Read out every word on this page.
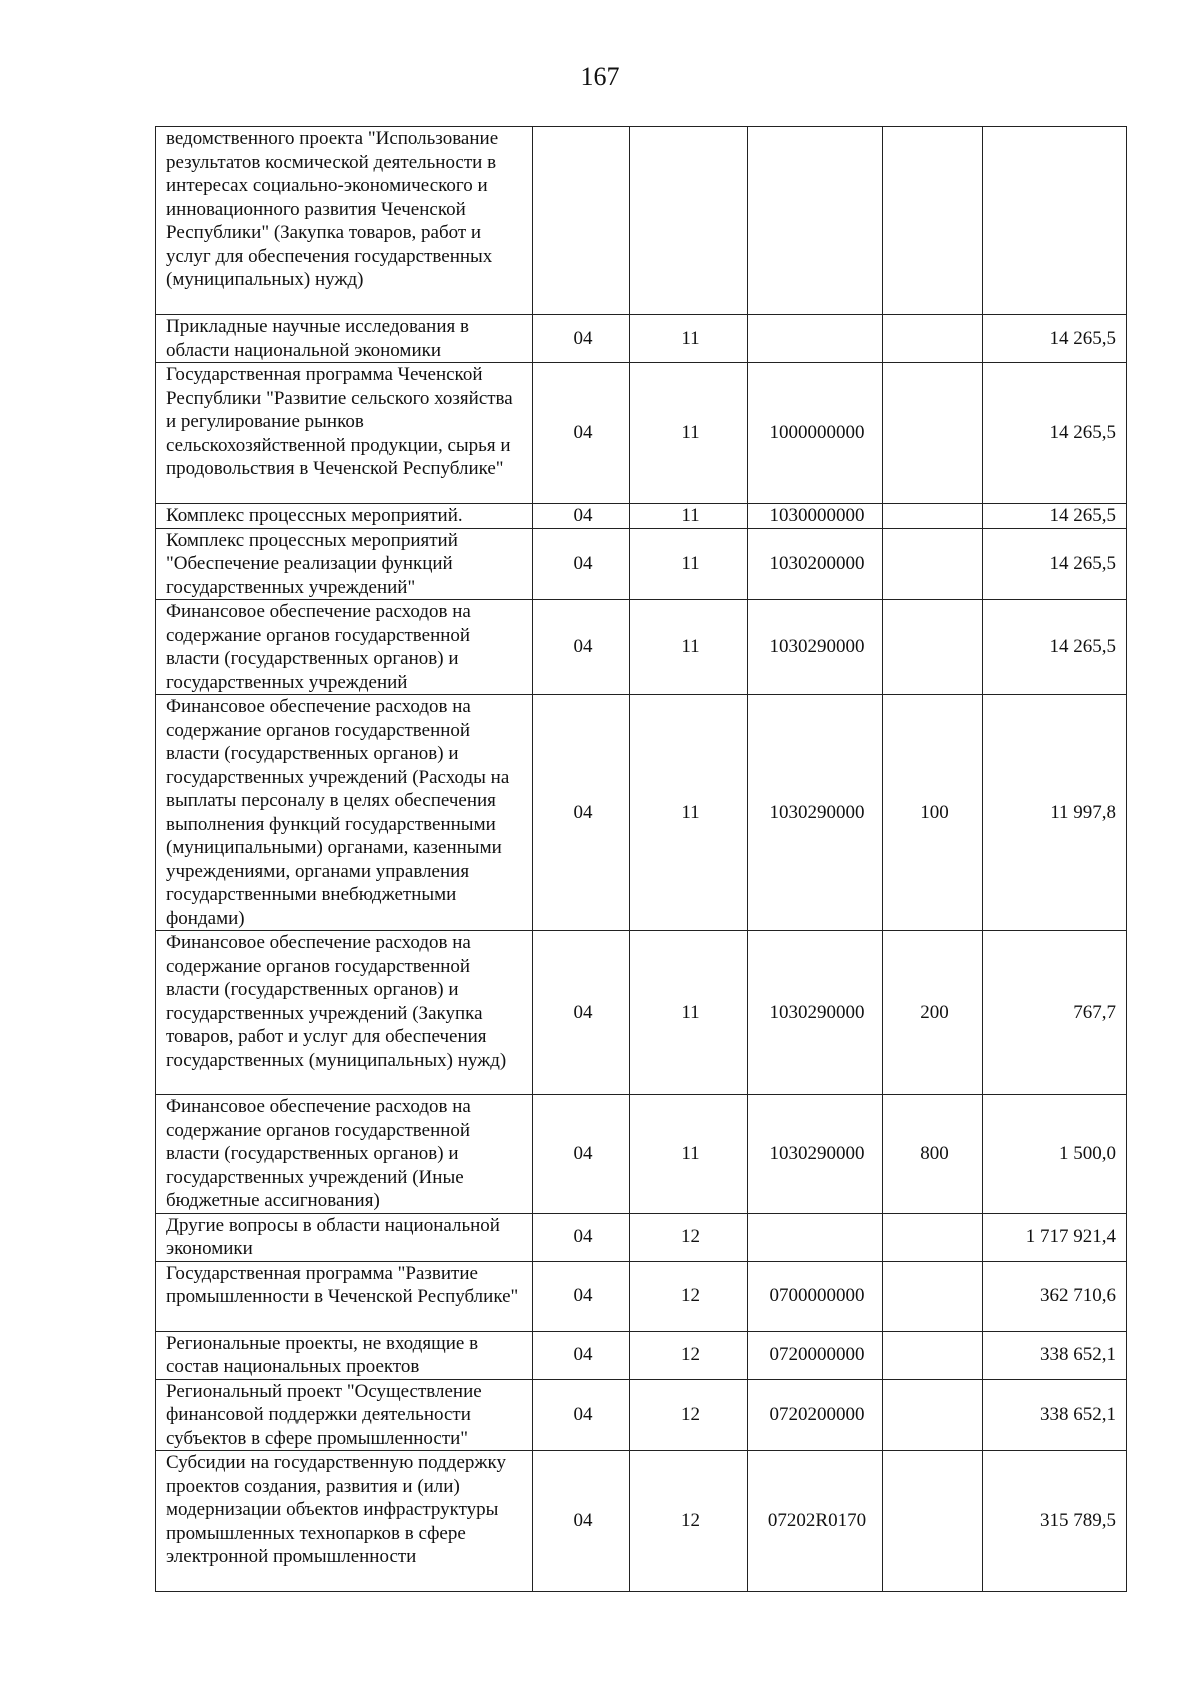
167
ведомственного проекта "Использование результатов космической деятельности в интересах социально-экономического и инновационного развития Чеченской Республики" (Закупка товаров, работ и услуг для обеспечения государственных (муниципальных) нужд)					
Прикладные научные исследования в области национальной экономики	04	11			14 265,5
Государственная программа Чеченской Республики "Развитие сельского хозяйства и регулирование рынков сельскохозяйственной продукции, сырья и продовольствия в Чеченской Республике"	04	11	1000000000		14 265,5
Комплекс процессных мероприятий.	04	11	1030000000		14 265,5
Комплекс процессных мероприятий "Обеспечение реализации функций государственных учреждений"	04	11	1030200000		14 265,5
Финансовое обеспечение расходов на содержание органов государственной власти (государственных органов) и государственных учреждений	04	11	1030290000		14 265,5
Финансовое обеспечение расходов на содержание органов государственной власти (государственных органов) и государственных учреждений (Расходы на выплаты персоналу в целях обеспечения выполнения функций государственными (муниципальными) органами, казенными учреждениями, органами управления государственными внебюджетными фондами)	04	11	1030290000	100	11 997,8
Финансовое обеспечение расходов на содержание органов государственной власти (государственных органов) и государственных учреждений (Закупка товаров, работ и услуг для обеспечения государственных (муниципальных) нужд)	04	11	1030290000	200	767,7
Финансовое обеспечение расходов на содержание органов государственной власти (государственных органов) и государственных учреждений (Иные бюджетные ассигнования)	04	11	1030290000	800	1 500,0
Другие вопросы в области национальной экономики	04	12			1 717 921,4
Государственная программа "Развитие промышленности в Чеченской Республике"	04	12	0700000000		362 710,6
Региональные проекты, не входящие в состав национальных проектов	04	12	0720000000		338 652,1
Региональный проект "Осуществление финансовой поддержки деятельности субъектов в сфере промышленности"	04	12	0720200000		338 652,1
Субсидии на государственную поддержку проектов создания, развития и (или) модернизации объектов инфраструктуры промышленных технопарков в сфере электронной промышленности	04	12	07202R0170		315 789,5
